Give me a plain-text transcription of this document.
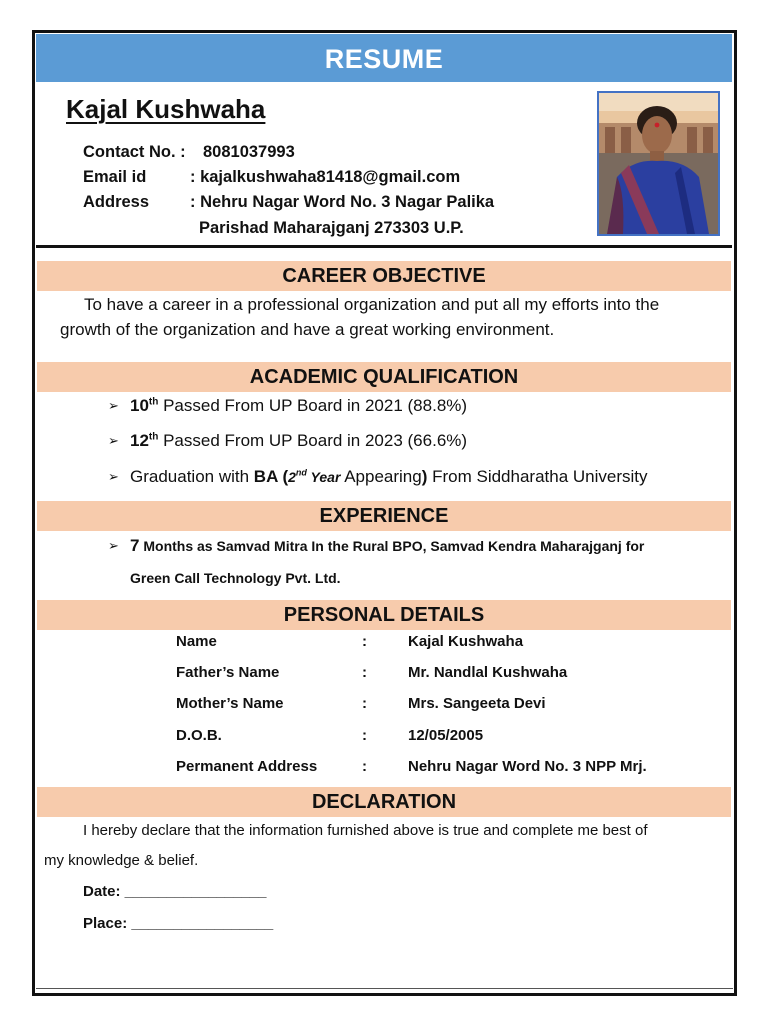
RESUME
Kajal Kushwaha
Contact No. : 8081037993
Email id	: kajalkushwaha81418@gmail.com
Address : Nehru Nagar Word No. 3 Nagar Palika
Parishad Maharajganj 273303 U.P.
CAREER OBJECTIVE
To have a career in a professional organization and put all my efforts into the
growth of the organization and have a great working environment.
ACADEMIC QUALIFICATION
➢ 10th Passed From UP Board in 2021 (88.8%)
➢ 12th Passed From UP Board in 2023 (66.6%)
➢ Graduation with BA (2nd Year Appearing) From Siddharatha University
EXPERIENCE
➢ 7 Months as Samvad Mitra In the Rural BPO, Samvad Kendra Maharajganj for
Green Call Technology Pvt. Ltd.
PERSONAL DETAILS
Name	:	Kajal Kushwaha
Father’s Name	:	Mr. Nandlal Kushwaha
Mother’s Name	:	Mrs. Sangeeta Devi
D.O.B.	:	12/05/2005
Permanent Address	:	Nehru Nagar Word No. 3 NPP Mrj.
DECLARATION
I hereby declare that the information furnished above is true and complete me best of
my knowledge & belief.
Date: _________________
Place: _________________
